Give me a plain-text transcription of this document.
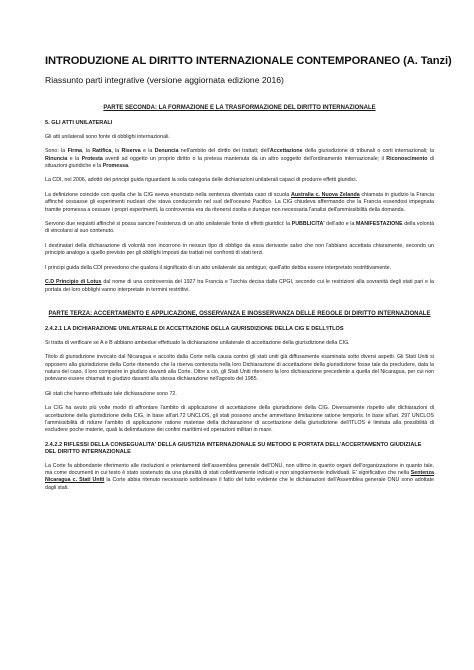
INTRODUZIONE AL DIRITTO INTERNAZIONALE CONTEMPORANEO (A. Tanzi)
Riassunto parti integrative (versione aggiornata edizione 2016)
PARTE SECONDA: LA FORMAZIONE E LA TRASFORMAZIONE DEL DIRITTO INTERNAZIONALE
5. GLI ATTI UNILATERALI

Gli atti unilaterali sono fonte di obblighi internazionali.

Sono: la Firma, la Ratifica, la Riserva e la Denuncia nell'ambito del diritto dei trattati; dell'Accettazione della giurisdizione di tribunali o corti internazionali; la Rinuncia e la Protesta aventi ad oggetto un proprio diritto o la pretesa mantenuta da un altro soggetto dell'ordinamento internazionale; il Riconoscimento di situazioni giuridiche e la Promessa.

La CDI, nel 2006, adottò dei principi guida riguardanti la sola categoria delle dichiarazioni unilaterali capaci di produrre effetti giuridici.

La definizione coincide con quella che la CIG aveva enunciato nella sentenza diventata caso di scuola Australia c. Nuova Zelanda chiamata in giudizio la Francia affinché cessasse gli esperimenti nucleari che stava conducendo nel sud dell'oceano Pacifico. La CIG chiudeva affermando che la Francia essendosi impegnata tramite promessa a cessare i propri esperimenti, la controversia era da ritenersi risolta e dunque non necessaria l'analisi dell'ammissibilità della domanda.

Servono due requisiti affinché si possa sancire l'esistenza di un atto unilaterale fonte di effetti giuridici: la PUBBLICITA' dell'atto e la MANIFESTAZIONE della volontà di vincolarsi al suo contenuto.

I destinatari della dichiarazione di volontà non incorrono in nessun tipo di obbligo da essa derivante salvo che non l'abbiano accettata chiaramente, secondo un principio analogo a quello previsto per gli obblighi imposti dai trattati nei confronti di stati terzi.

I principi guida della CDI prevedono che qualora il significato di un atto unilaterale sia ambiguo, quell'atto debba essere interpretato restrittivamente.

C.D Principio di Lotus dal nome di una controversia del 1927 tra Francia e Turchia decisa dalla CPGI, secondo cui le restrizioni alla sovranità degli stati pari e la portata dei loro obblighi vanno interpretate in termini restrittivi.

PARTE TERZA: ACCERTAMENTO E APPLICAZIONE, OSSERVANZA E INOSSERVANZA DELLE REGOLE DI DIRITTO INTERNAZIONALE
2.4.2.1 LA DICHIARAZIONE UNILATERALE DI ACCETTAZIONE DELLA GIURISDIZIONE DELLA CIG E DELL'ITLOS

Si tratta di verificare se A e B abbiano ambedue effettuato la dichiarazione unilaterale di accettazione della giurisdizione della CIG.

Titolo di giurisdizione invocato dal Nicaragua e accolto dalla Corte nella causa contro gli stati uniti già diffusamente esaminata sotto diversi aspetti. Gli Stati Uniti si opposero alla giurisdizione della Corte ritenendo che la riserva contenuta nella loro Dichiarazione di accettazione della giurisdizione fosse tale da precludere, data la natura del caso, il loro comparire in giudizio davanti alla Corte. Oltre a ciò, gli Stati Uniti ritennero la loro dichiarazione precedente a quella del Nicaragua, per cui non potevano essere chiamati in giudizio davanti alla stessa dichiarazione nell'agosto del 1985.

Gli stati che hanno effettuato tale dichiarazione sono 72.

La CIG ha avuto più volte modo di affrontare l'ambito di applicazione di accettazione della giurisdizione della CIG. Diversamente rispetto alle dichiarazioni di accettazione della giurisdizione della CIG, in base all'art.72 UNCLOS, gli stati possono anche ammettano limitazione ratione temporis. In base all'art. 297 UNCLOS l'ammissibilità di ridurre l'ambito di applicazione ratione materiae della dichiarazione di accettazione della giurisdizione dell'ITLOS è limitata alla possibilità di escludere poche materie, quali la delimitazione dei confini marittimi ed operazioni militari in mare.

2.4.2.2 RIFLESSI DELLA CONSEGUALITA' DELLA GIUSTIZIA INTERNAZIONALE SU METODO E PORTATA DELL'ACCERTAMENTO GIUDIZIALE DEL DIRITTO INTERNAZIONALE

La Corte fa abbondante riferimento alle risoluzioni e orientamenti dell'assemblea generale dell'ONU, non ultimo in quanto organi dell'organizzazione in quanto tale, ma come documenti in cui testo è stato sostenuto da una pluralità di stati collettivamente indicati e non singolarmente individuati. E' significativo che nella Sentenza Nicaragua c. Stati Uniti la Corte abbia ritenuto necessario sottolineare il fatto del tutto evidente che le dichiarazioni dell'Assemblea generale ONU sono adottate dagli stati.
